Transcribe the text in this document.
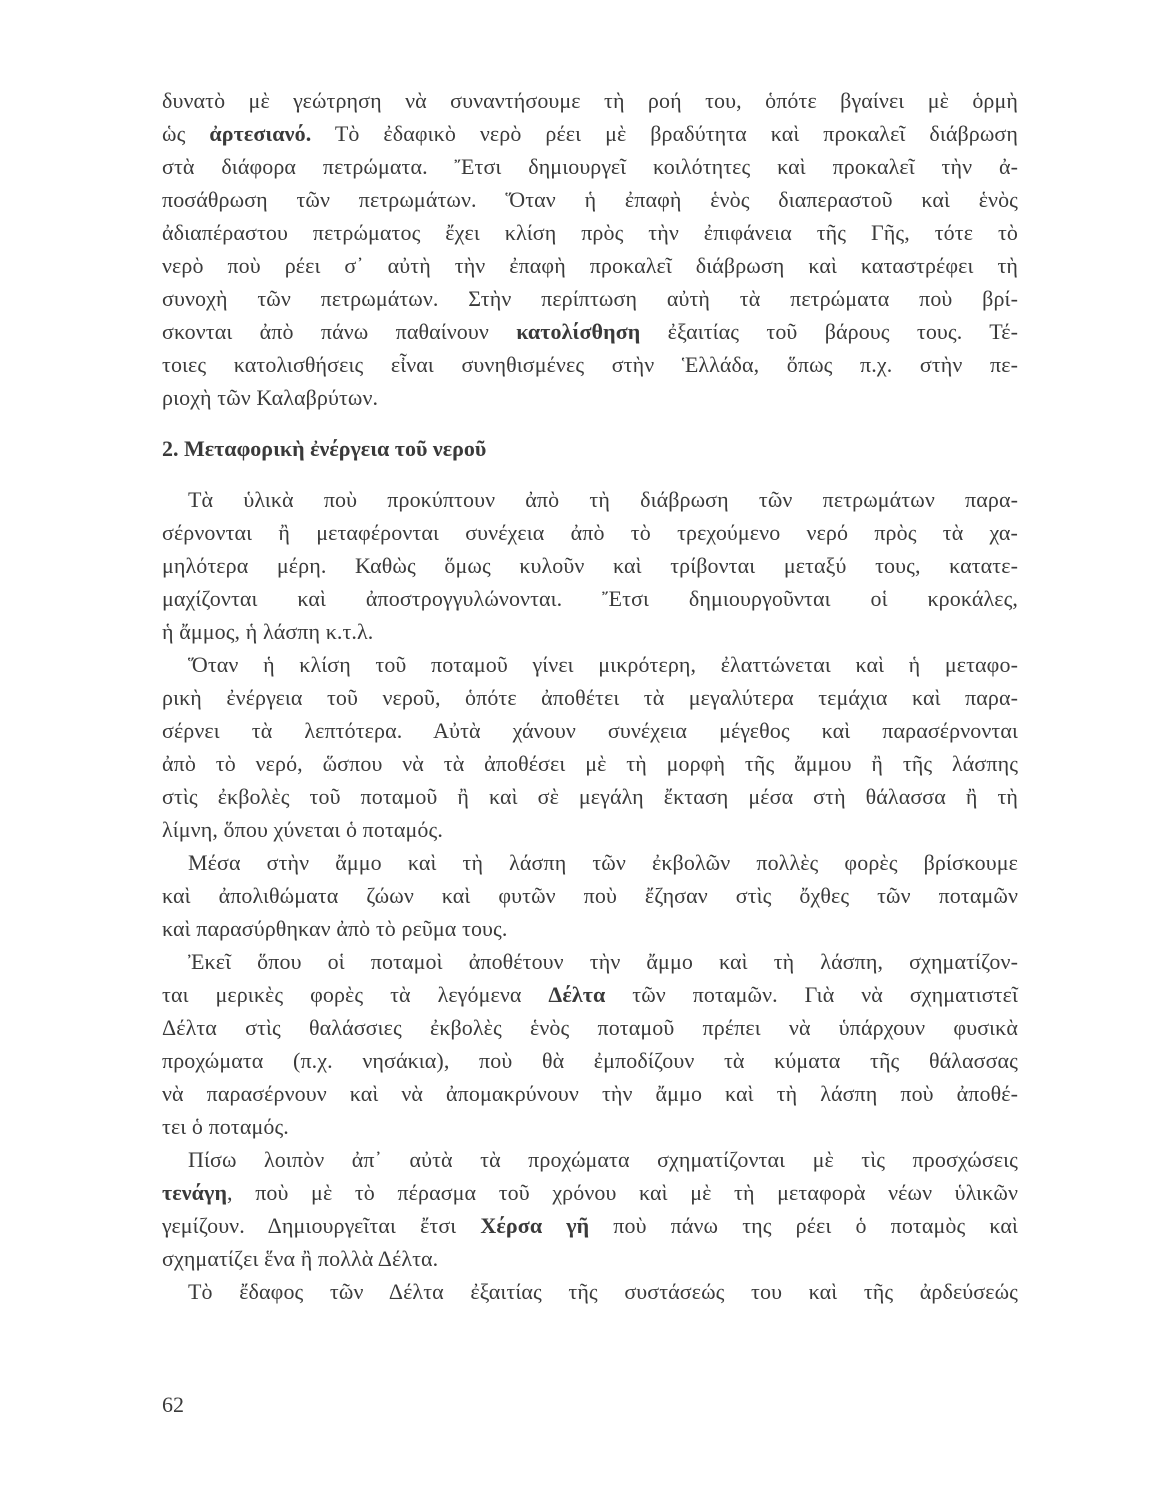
δυνατὸ μὲ γεώτρηση νὰ συναντήσουμε τὴ ροή του, ὁπότε βγαίνει μὲ ὁρμὴ
ὡς ἀρτεσιανό. Τὸ ἐδαφικὸ νερὸ ρέει μὲ βραδύτητα καὶ προκαλεῖ διάβρωση
στὰ διάφορα πετρώματα. Ἔτσι δημιουργεῖ κοιλότητες καὶ προκαλεῖ τὴν ἀ-
ποσάθρωση τῶν πετρωμάτων. Ὅταν ἡ ἐπαφὴ ἑνὸς διαπεραστοῦ καὶ ἑνὸς
ἀδιαπέραστου πετρώματος ἔχει κλίση πρὸς τὴν ἐπιφάνεια τῆς Γῆς, τότε τὸ
νερὸ ποὺ ρέει σ᾿ αὐτὴ τὴν ἐπαφὴ προκαλεῖ διάβρωση καὶ καταστρέφει τὴ
συνοχὴ τῶν πετρωμάτων. Στὴν περίπτωση αὐτὴ τὰ πετρώματα ποὺ βρί-
σκονται ἀπὸ πάνω παθαίνουν κατολίσθηση ἐξαιτίας τοῦ βάρους τους. Τέ-
τοιες κατολισθήσεις εἶναι συνηθισμένες στὴν Ἑλλάδα, ὅπως π.χ. στὴν πε-
ριοχὴ τῶν Καλαβρύτων.
2. Μεταφορικὴ ἐνέργεια τοῦ νεροῦ
Τὰ ὑλικὰ ποὺ προκύπτουν ἀπὸ τὴ διάβρωση τῶν πετρωμάτων παρα-
σέρνονται ἢ μεταφέρονται συνέχεια ἀπὸ τὸ τρεχούμενο νερό πρὸς τὰ χα-
μηλότερα μέρη. Καθὼς ὅμως κυλοῦν καὶ τρίβονται μεταξύ τους, κατατε-
μαχίζονται καὶ ἀποστρογγυλώνονται. Ἔτσι δημιουργοῦνται οἱ κροκάλες,
ἡ ἄμμος, ἡ λάσπη κ.τ.λ.
Ὅταν ἡ κλίση τοῦ ποταμοῦ γίνει μικρότερη, ἐλαττώνεται καὶ ἡ μεταφο-
ρικὴ ἐνέργεια τοῦ νεροῦ, ὁπότε ἀποθέτει τὰ μεγαλύτερα τεμάχια καὶ παρα-
σέρνει τὰ λεπτότερα. Αὐτὰ χάνουν συνέχεια μέγεθος καὶ παρασέρνονται
ἀπὸ τὸ νερό, ὥσπου νὰ τὰ ἀποθέσει μὲ τὴ μορφὴ τῆς ἄμμου ἢ τῆς λάσπης
στὶς ἐκβολὲς τοῦ ποταμοῦ ἢ καὶ σὲ μεγάλη ἔκταση μέσα στὴ θάλασσα ἢ τὴ
λίμνη, ὅπου χύνεται ὁ ποταμός.
Μέσα στὴν ἄμμο καὶ τὴ λάσπη τῶν ἐκβολῶν πολλὲς φορὲς βρίσκουμε
καὶ ἀπολιθώματα ζώων καὶ φυτῶν ποὺ ἔζησαν στὶς ὄχθες τῶν ποταμῶν
καὶ παρασύρθηκαν ἀπὸ τὸ ρεῦμα τους.
Ἐκεῖ ὅπου οἱ ποταμοὶ ἀποθέτουν τὴν ἄμμο καὶ τὴ λάσπη, σχηματίζον-
ται μερικὲς φορὲς τὰ λεγόμενα Δέλτα τῶν ποταμῶν. Γιὰ νὰ σχηματιστεῖ
Δέλτα στὶς θαλάσσιες ἐκβολὲς ἑνὸς ποταμοῦ πρέπει νὰ ὑπάρχουν φυσικὰ
προχώματα (π.χ. νησάκια), ποὺ θὰ ἐμποδίζουν τὰ κύματα τῆς θάλασσας
νὰ παρασέρνουν καὶ νὰ ἀπομακρύνουν τὴν ἄμμο καὶ τὴ λάσπη ποὺ ἀποθέ-
τει ὁ ποταμός.
Πίσω λοιπὸν ἀπ᾿ αὐτὰ τὰ προχώματα σχηματίζονται μὲ τὶς προσχώσεις
τενάγη, ποὺ μὲ τὸ πέρασμα τοῦ χρόνου καὶ μὲ τὴ μεταφορὰ νέων ὑλικῶν
γεμίζουν. Δημιουργεῖται ἔτσι Χέρσα γῆ ποὺ πάνω της ρέει ὁ ποταμὸς καὶ
σχηματίζει ἕνα ἢ πολλὰ Δέλτα.
Τὸ ἔδαφος τῶν Δέλτα ἐξαιτίας τῆς συστάσεώς του καὶ τῆς ἀρδεύσεώς
62
